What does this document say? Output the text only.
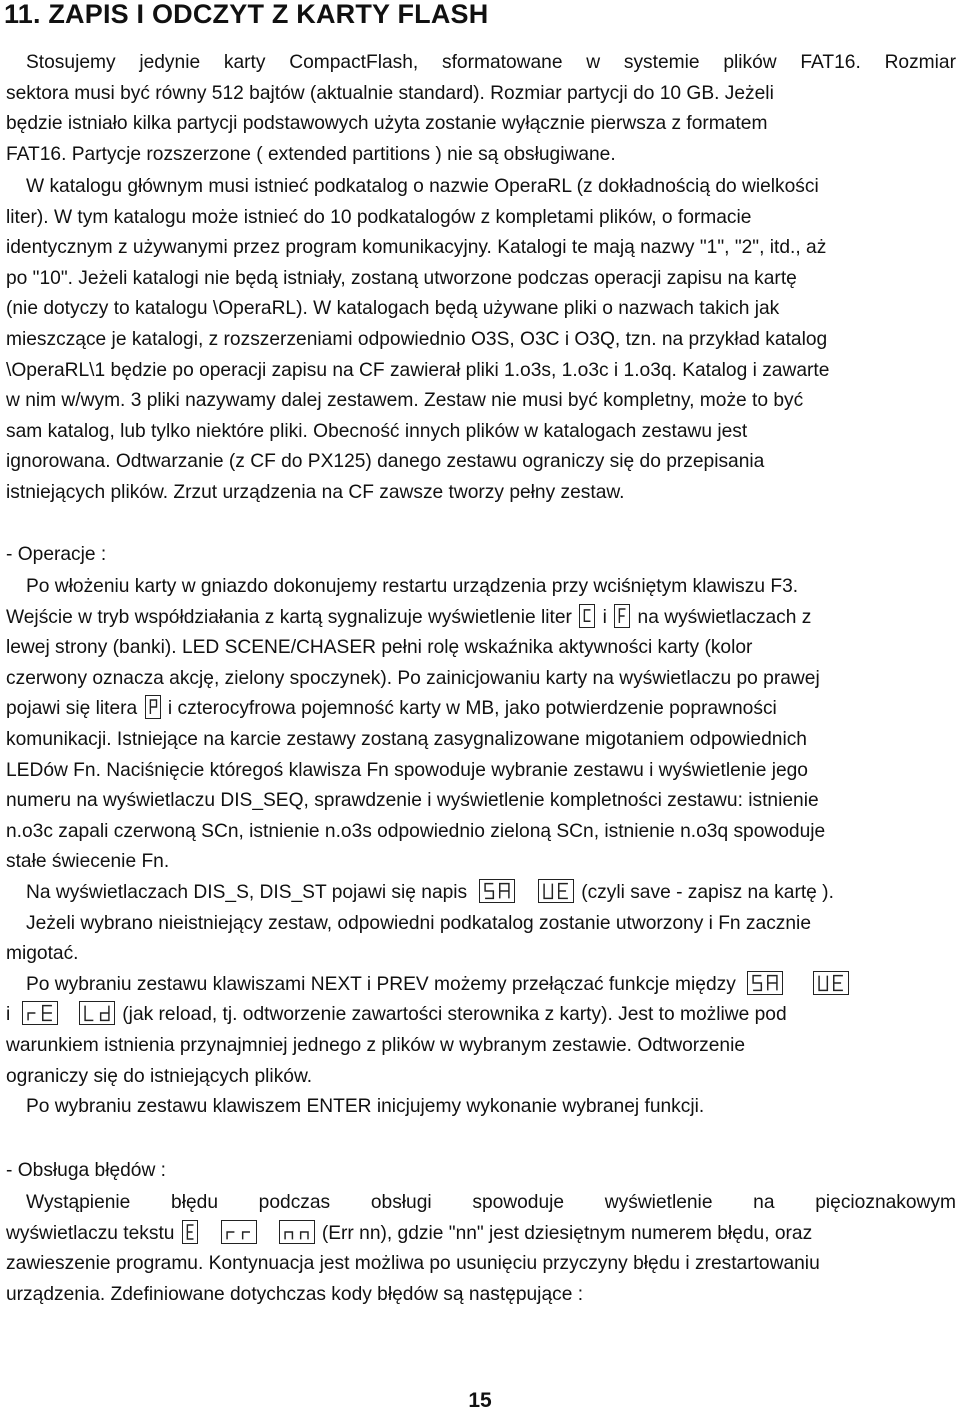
11. ZAPIS I ODCZYT Z KARTY FLASH
Stosujemy jedynie karty CompactFlash, sformatowane w systemie plików FAT16. Rozmiar
sektora musi być równy 512 bajtów (aktualnie standard). Rozmiar partycji do 10 GB. Jeżeli
będzie istniało kilka partycji podstawowych użyta zostanie wyłącznie pierwsza z formatem
FAT16. Partycje rozszerzone ( extended partitions ) nie są obsługiwane.
W katalogu głównym musi istnieć podkatalog o nazwie OperaRL (z dokładnością do wielkości
liter). W tym katalogu może istnieć do 10 podkatalogów z kompletami plików, o formacie
identycznym z używanymi przez program komunikacyjny. Katalogi te mają nazwy "1", "2", itd., aż
po "10". Jeżeli katalogi nie będą istniały, zostaną utworzone podczas operacji zapisu na kartę
(nie dotyczy to katalogu \OperaRL). W katalogach będą używane pliki o nazwach takich jak
mieszczące je katalogi, z rozszerzeniami odpowiednio O3S, O3C i O3Q, tzn. na przykład katalog
\OperaRL\1 będzie po operacji zapisu na CF zawierał pliki 1.o3s, 1.o3c i 1.o3q. Katalog i zawarte
w nim w/wym. 3 pliki nazywamy dalej zestawem. Zestaw nie musi być kompletny, może to być
sam katalog, lub tylko niektóre pliki. Obecność innych plików w katalogach zestawu jest
ignorowana. Odtwarzanie (z CF do PX125) danego zestawu ograniczy się do przepisania
istniejących plików. Zrzut urządzenia na CF zawsze tworzy pełny zestaw.

- Operacje :

Po włożeniu karty w gniazdo dokonujemy restartu urządzenia przy wciśniętym klawiszu F3.
Wejście w tryb współdziałania z kartą sygnalizuje wyświetlenie liter i na wyświetlaczach z
lewej strony (banki). LED SCENE/CHASER pełni rolę wskaźnika aktywności karty (kolor
czerwony oznacza akcję, zielony spoczynek). Po zainicjowaniu karty na wyświetlaczu po prawej
pojawi się litera i czterocyfrowa pojemność karty w MB, jako potwierdzenie poprawności
komunikacji. Istniejące na karcie zestawy zostaną zasygnalizowane migotaniem odpowiednich
LEDów Fn. Naciśnięcie któregoś klawisza Fn spowoduje wybranie zestawu i wyświetlenie jego
numeru na wyświetlaczu DIS_SEQ, sprawdzenie i wyświetlenie kompletności zestawu: istnienie
n.o3c zapali czerwoną SCn, istnienie n.o3s odpowiednio zieloną SCn, istnienie n.o3q spowoduje
stałe świecenie Fn.
Na wyświetlaczach DIS_S, DIS_ST pojawi się napis
	(czyli save - zapisz na kartę ).
Jeżeli wybrano nieistniejący zestaw, odpowiedni podkatalog zostanie utworzony i Fn zacznie
migotać.
Po wybraniu zestawu klawiszami NEXT i PREV możemy przełączać funkcje między

i
	(jak reload, tj. odtworzenie zawartości sterownika z karty). Jest to możliwe pod
warunkiem istnienia przynajmniej jednego z plików w wybranym zestawie. Odtworzenie
ograniczy się do istniejących plików.
Po wybraniu zestawu klawiszem ENTER inicjujemy wykonanie wybranej funkcji.

- Obsługa błędów :

Wystąpienie błędu podczas obsługi spowoduje wyświetlenie na pięcioznakowym
wyświetlaczu tekstu

	(Err nn), gdzie "nn" jest dziesiętnym numerem błędu, oraz
zawieszenie programu. Kontynuacja jest możliwa po usunięciu przyczyny błędu i zrestartowaniu
urządzenia. Zdefiniowane dotychczas kody błędów są następujące :
15
